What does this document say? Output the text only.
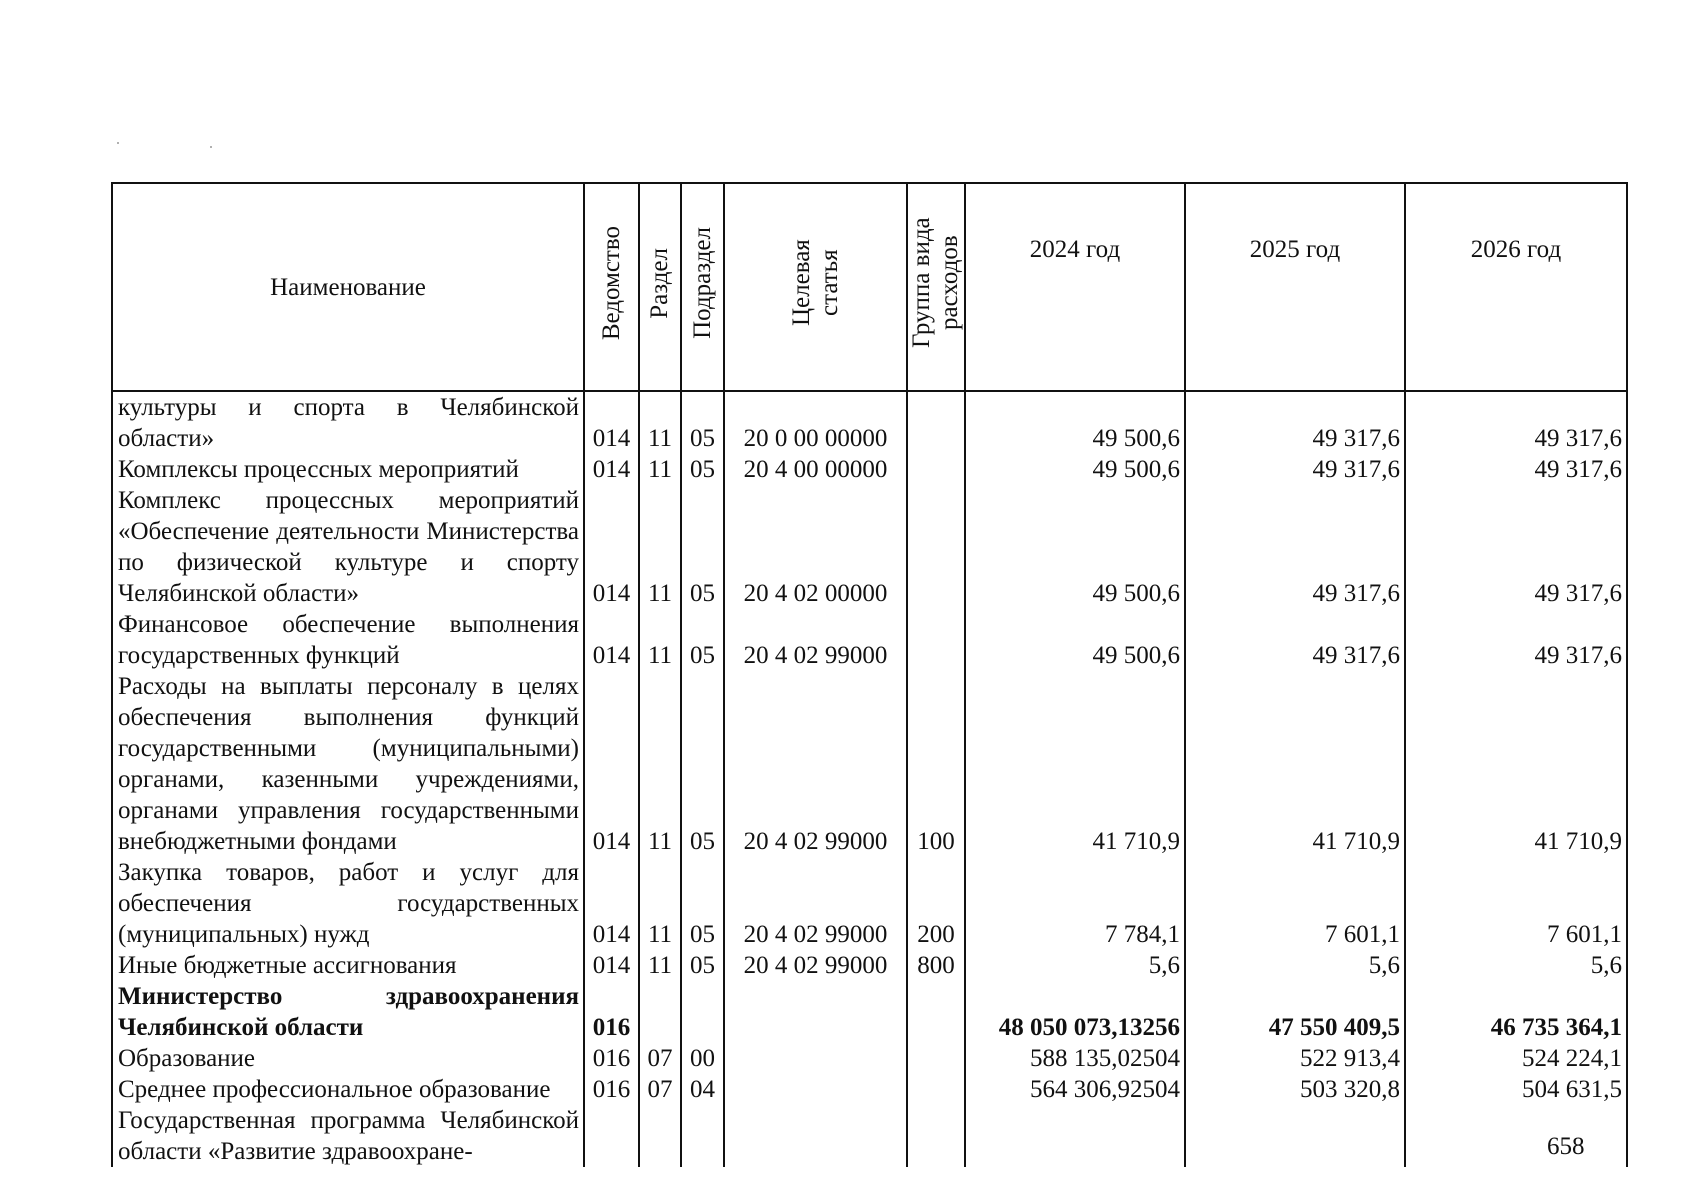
Наименование	Ведомство	Раздел	Подраздел	Целевая статья	Группа вида расходов	2024 год	2025 год	2026 год
культуры и спорта в Челябинской области»	014	11	05	20 0 00 00000		49 500,6	49 317,6	49 317,6
Комплексы процессных мероприятий	014	11	05	20 4 00 00000		49 500,6	49 317,6	49 317,6
Комплекс процессных мероприятий «Обеспечение деятельности Министерства по физической культуре и спорту Челябинской области»	014	11	05	20 4 02 00000		49 500,6	49 317,6	49 317,6
Финансовое обеспечение выполнения государственных функций	014	11	05	20 4 02 99000		49 500,6	49 317,6	49 317,6
Расходы на выплаты персоналу в целях обеспечения выполнения функций государственными (муниципальными) органами, казенными учреждениями, органами управления государственными внебюджетными фондами	014	11	05	20 4 02 99000	100	41 710,9	41 710,9	41 710,9
Закупка товаров, работ и услуг для обеспечения государственных (муниципальных) нужд	014	11	05	20 4 02 99000	200	7 784,1	7 601,1	7 601,1
Иные бюджетные ассигнования	014	11	05	20 4 02 99000	800	5,6	5,6	5,6
Министерство здравоохранения Челябинской области	016					48 050 073,13256	47 550 409,5	46 735 364,1
Образование	016	07	00			588 135,02504	522 913,4	524 224,1
Среднее профессиональное образование	016	07	04			564 306,92504	503 320,8	504 631,5
Государственная программа Челябинской области «Развитие здравоохране-									658
